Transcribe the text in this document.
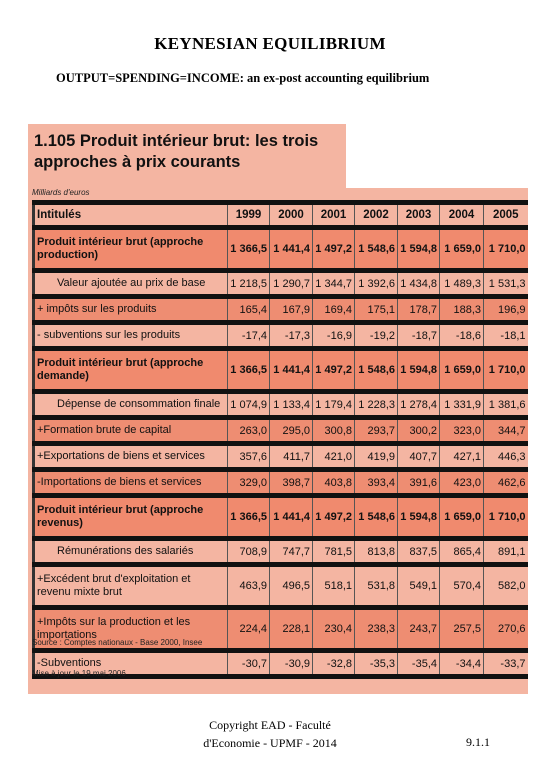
KEYNESIAN EQUILIBRIUM
OUTPUT=SPENDING=INCOME: an ex-post accounting equilibrium
1.105 Produit intérieur brut: les trois approches à prix courants
Milliards d'euros
Intitulés	1999	2000	2001	2002	2003	2004	2005
Produit intérieur brut (approche production)	1 366,5	1 441,4	1 497,2	1 548,6	1 594,8	1 659,0	1 710,0
Valeur ajoutée au prix de base	1 218,5	1 290,7	1 344,7	1 392,6	1 434,8	1 489,3	1 531,3
+ impôts sur les produits	165,4	167,9	169,4	175,1	178,7	188,3	196,9
- subventions sur les produits	-17,4	-17,3	-16,9	-19,2	-18,7	-18,6	-18,1
Produit intérieur brut (approche demande)	1 366,5	1 441,4	1 497,2	1 548,6	1 594,8	1 659,0	1 710,0
Dépense de consommation finale	1 074,9	1 133,4	1 179,4	1 228,3	1 278,4	1 331,9	1 381,6
+Formation brute de capital	263,0	295,0	300,8	293,7	300,2	323,0	344,7
+Exportations de biens et services	357,6	411,7	421,0	419,9	407,7	427,1	446,3
-Importations de biens et services	329,0	398,7	403,8	393,4	391,6	423,0	462,6
Produit intérieur brut (approche revenus)	1 366,5	1 441,4	1 497,2	1 548,6	1 594,8	1 659,0	1 710,0
Rémunérations des salariés	708,9	747,7	781,5	813,8	837,5	865,4	891,1
+Excédent brut d'exploitation et revenu mixte brut	463,9	496,5	518,1	531,8	549,1	570,4	582,0
+Impôts sur la production et les importations	224,4	228,1	230,4	238,3	243,7	257,5	270,6
-Subventions	-30,7	-30,9	-32,8	-35,3	-35,4	-34,4	-33,7
Source : Comptes nationaux - Base 2000, Insee
Mise à jour le 19 mai 2006
Copyright EAD - Faculté
d'Economie - UPMF - 2014	9.1.1
